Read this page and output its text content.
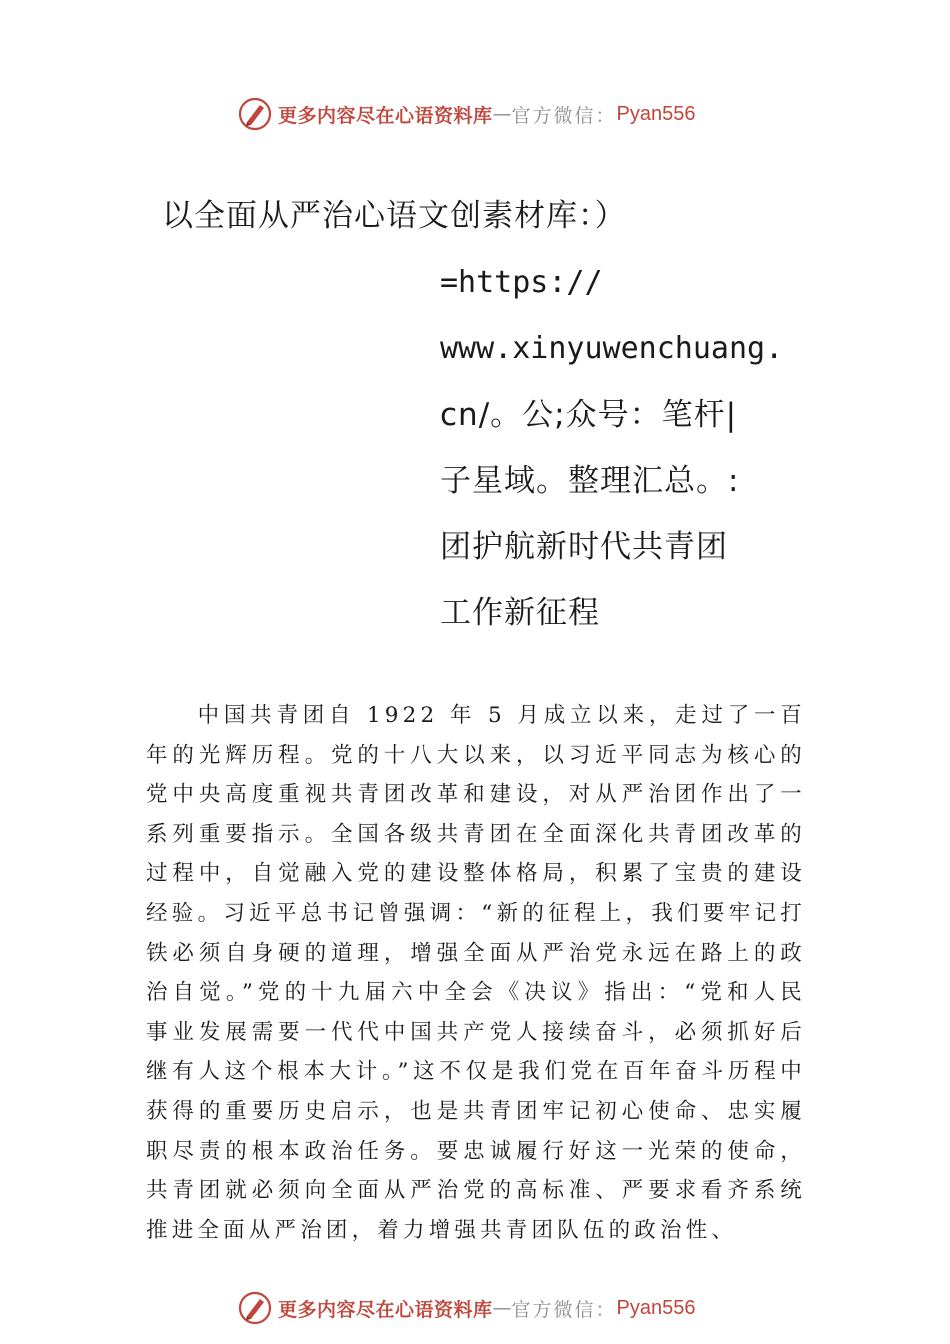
更多内容尽在心语资料库 — 官方微信： Pyan556
以全面从严治心语文创素材库：）
=https://
www.xinyuwenchuang.
cn/。公;众号：笔杆|
子星域。整理汇总。:
团护航新时代共青团
工作新征程
中国共青团自 1922 年 5 月成立以来，走过了一百年的光辉历程。党的十八大以来，以习近平同志为核心的党中央高度重视共青团改革和建设，对从严治团作出了一系列重要指示。全国各级共青团在全面深化共青团改革的过程中，自觉融入党的建设整体格局，积累了宝贵的建设经验。习近平总书记曾强调：“新的征程上，我们要牢记打铁必须自身硬的道理，增强全面从严治党永远在路上的政治自觉。”党的十九届六中全会《决议》指出：“党和人民事业发展需要一代代中国共产党人接续奋斗，必须抓好后继有人这个根本大计。”这不仅是我们党在百年奋斗历程中获得的重要历史启示，也是共青团牢记初心使命、忠实履职尽责的根本政治任务。要忠诚履行好这一光荣的使命，共青团就必须向全面从严治党的高标准、严要求看齐系统推进全面从严治团，着力增强共青团队伍的政治性、
更多内容尽在心语资料库 — 官方微信： Pyan556
